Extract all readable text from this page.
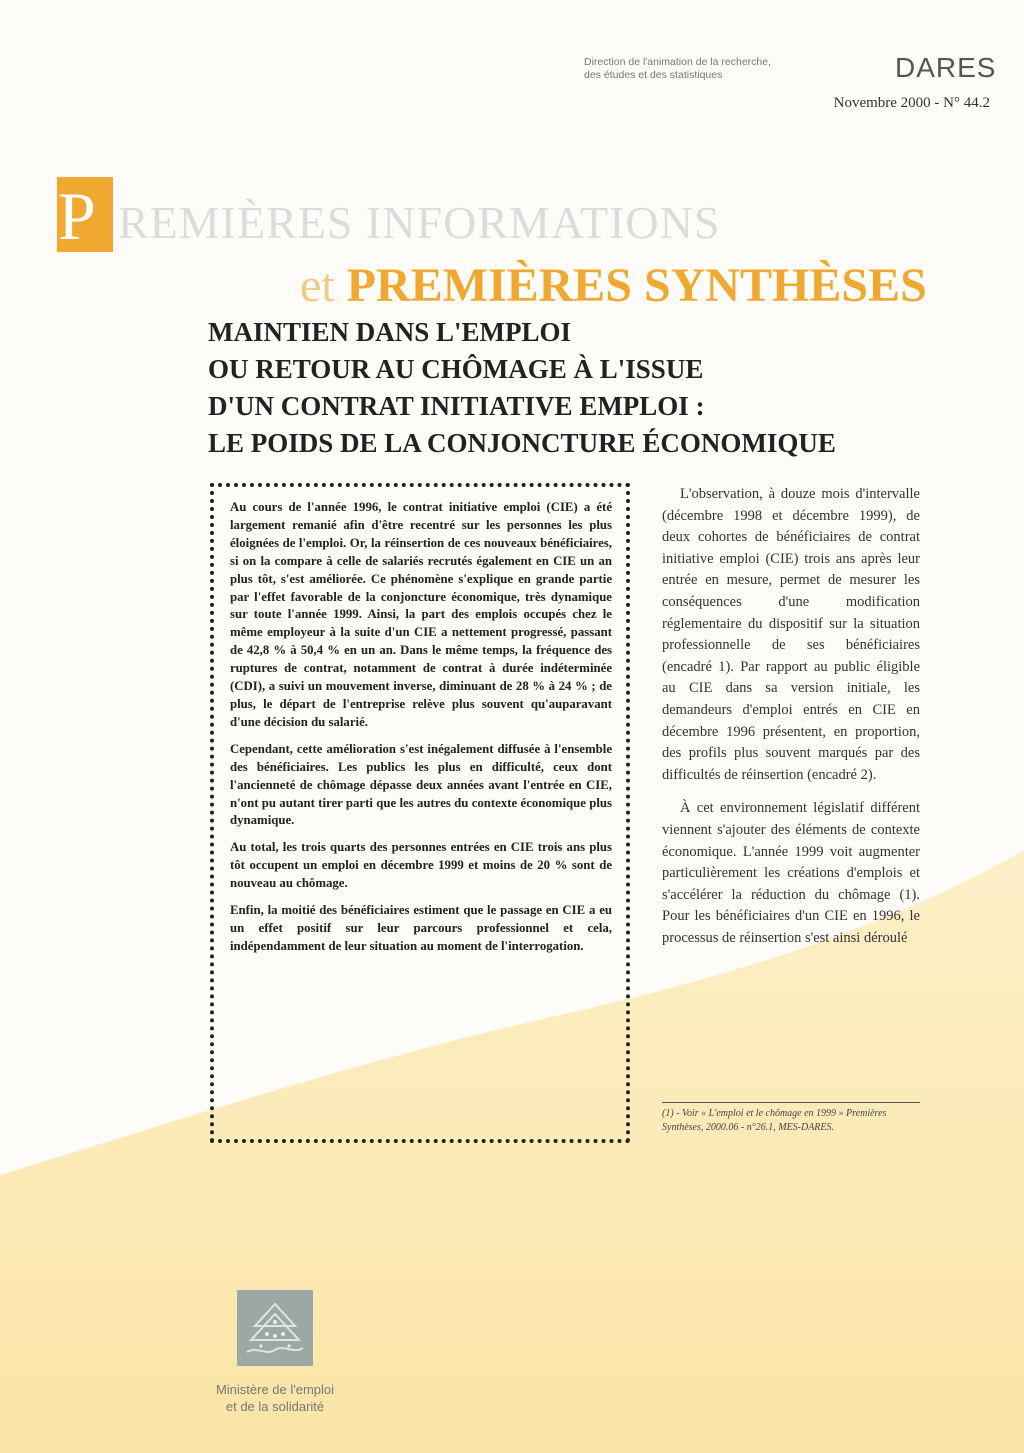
Direction de l'animation de la recherche,
des études et des statistiques	DARES
Novembre 2000 - N° 44.2
P REMIÈRES INFORMATIONS
et PREMIÈRES SYNTHÈSES
MAINTIEN DANS L'EMPLOI
OU RETOUR AU CHÔMAGE À L'ISSUE
D'UN CONTRAT INITIATIVE EMPLOI :
LE POIDS DE LA CONJONCTURE ÉCONOMIQUE

Au cours de l'année 1996, le contrat initiative emploi (CIE) a été largement remanié afin d'être recentré sur les personnes les plus éloignées de l'emploi. Or, la réinsertion de ces nouveaux bénéficiaires, si on la compare à celle de salariés recrutés également en CIE un an plus tôt, s'est améliorée. Ce phénomène s'explique en grande partie par l'effet favorable de la conjoncture économique, très dynamique sur toute l'année 1999. Ainsi, la part des emplois occupés chez le même employeur à la suite d'un CIE a nettement progressé, passant de 42,8 % à 50,4 % en un an. Dans le même temps, la fréquence des ruptures de contrat, notamment de contrat à durée indéterminée (CDI), a suivi un mouvement inverse, diminuant de 28 % à 24 % ; de plus, le départ de l'entreprise relève plus souvent qu'auparavant d'une décision du salarié.

Cependant, cette amélioration s'est inégalement diffusée à l'ensemble des bénéficiaires. Les publics les plus en difficulté, ceux dont l'ancienneté de chômage dépasse deux années avant l'entrée en CIE, n'ont pu autant tirer parti que les autres du contexte économique plus dynamique.

Au total, les trois quarts des personnes entrées en CIE trois ans plus tôt occupent un emploi en décembre 1999 et moins de 20 % sont de nouveau au chômage.

Enfin, la moitié des bénéficiaires estiment que le passage en CIE a eu un effet positif sur leur parcours professionnel et cela, indépendamment de leur situation au moment de l'interrogation.

L'observation, à douze mois d'intervalle (décembre 1998 et décembre 1999), de deux cohortes de bénéficiaires de contrat initiative emploi (CIE) trois ans après leur entrée en mesure, permet de mesurer les conséquences d'une modification réglementaire du dispositif sur la situation professionnelle de ses bénéficiaires (encadré 1). Par rapport au public éligible au CIE dans sa version initiale, les demandeurs d'emploi entrés en CIE en décembre 1996 présentent, en proportion, des profils plus souvent marqués par des difficultés de réinsertion (encadré 2).

À cet environnement législatif différent viennent s'ajouter des éléments de contexte économique. L'année 1999 voit augmenter particulièrement les créations d'emplois et s'accélérer la réduction du chômage (1). Pour les bénéficiaires d'un CIE en 1996, le processus de réinsertion s'est ainsi déroulé

(1) - Voir « L'emploi et le chômage en 1999 » Premières Synthèses, 2000.06 - n°26.1, MES-DARES.
Ministère de l'emploi
et de la solidarité
